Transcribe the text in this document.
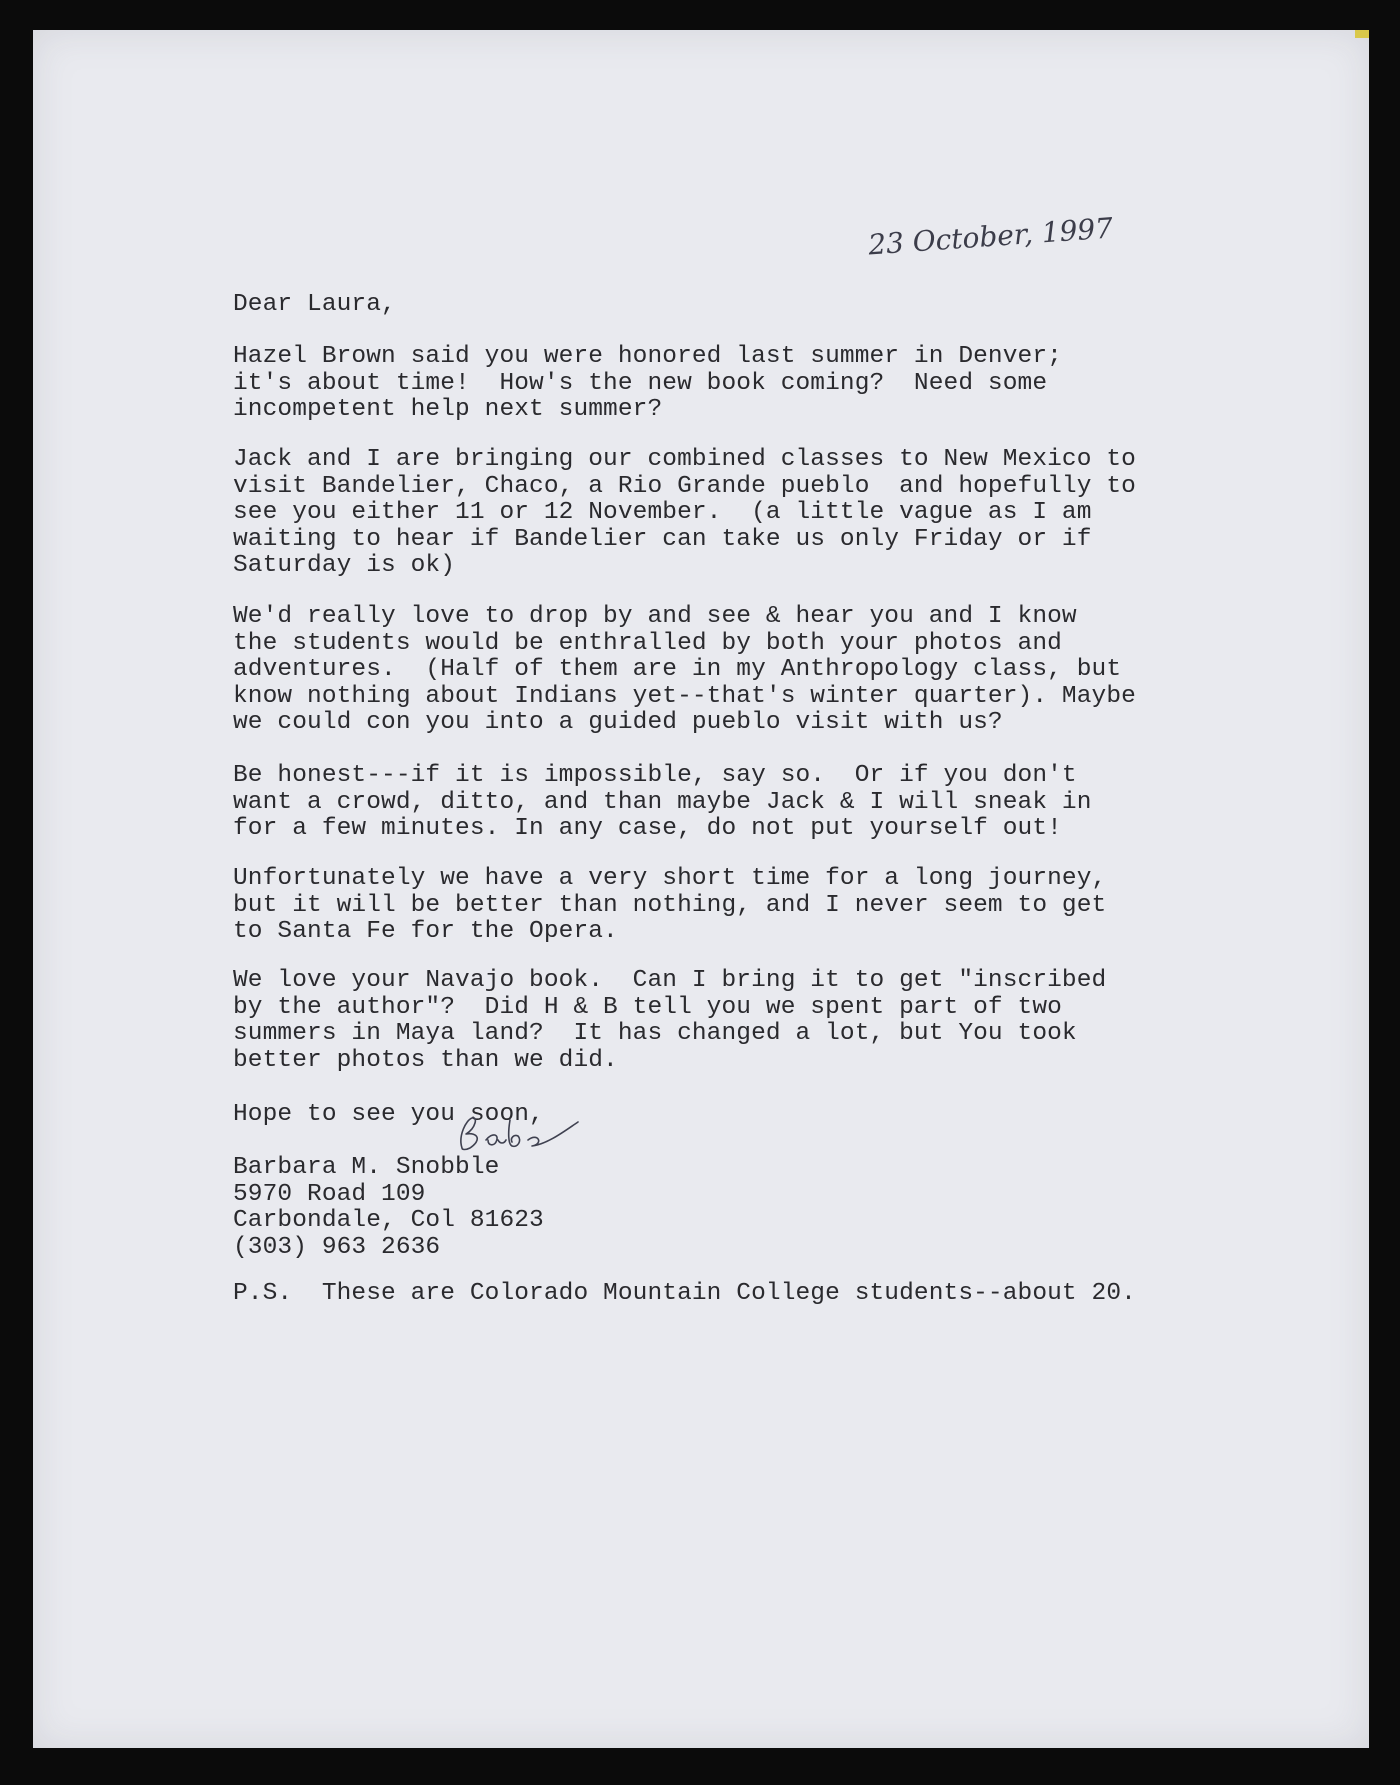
23 October, 1997

Dear Laura,

Hazel Brown said you were honored last summer in Denver;
it's about time!  How's the new book coming?  Need some
incompetent help next summer?

Jack and I are bringing our combined classes to New Mexico to
visit Bandelier, Chaco, a Rio Grande pueblo  and hopefully to
see you either 11 or 12 November.  (a little vague as I am
waiting to hear if Bandelier can take us only Friday or if
Saturday is ok)

We'd really love to drop by and see & hear you and I know
the students would be enthralled by both your photos and
adventures.  (Half of them are in my Anthropology class, but
know nothing about Indians yet--that's winter quarter). Maybe
we could con you into a guided pueblo visit with us?

Be honest---if it is impossible, say so.  Or if you don't
want a crowd, ditto, and than maybe Jack & I will sneak in
for a few minutes. In any case, do not put yourself out!

Unfortunately we have a very short time for a long journey,
but it will be better than nothing, and I never seem to get
to Santa Fe for the Opera.

We love your Navajo book.  Can I bring it to get "inscribed
by the author"?  Did H & B tell you we spent part of two
summers in Maya land?  It has changed a lot, but You took
better photos than we did.

Hope to see you soon,

Barbara M. Snobble
5970 Road 109
Carbondale, Col 81623
(303) 963 2636

P.S.  These are Colorado Mountain College students--about 20.
